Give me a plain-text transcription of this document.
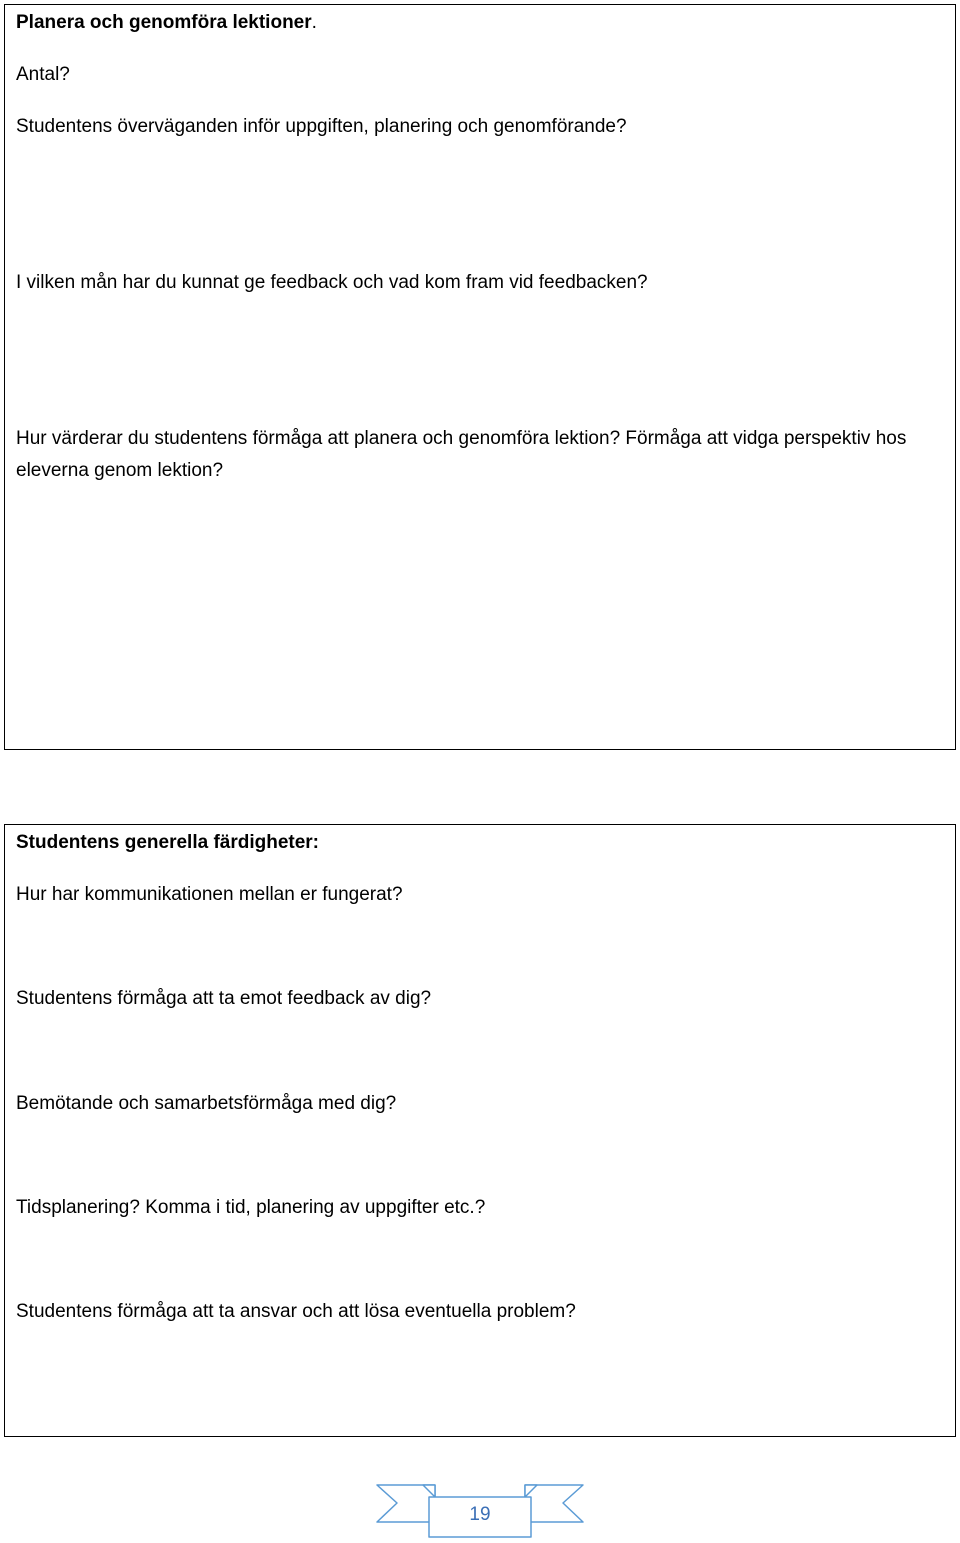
Planera och genomföra lektioner.

Antal?

Studentens överväganden inför uppgiften, planering och genomförande?

I vilken mån har du kunnat ge feedback och vad kom fram vid feedbacken?

Hur värderar du studentens förmåga att planera och genomföra lektion? Förmåga att vidga perspektiv hos eleverna genom lektion?

Studentens generella färdigheter:

Hur har kommunikationen mellan er fungerat?

Studentens förmåga att ta emot feedback av dig?

Bemötande och samarbetsförmåga med dig?

Tidsplanering? Komma i tid, planering av uppgifter etc.?

Studentens förmåga att ta ansvar och att lösa eventuella problem?

19
